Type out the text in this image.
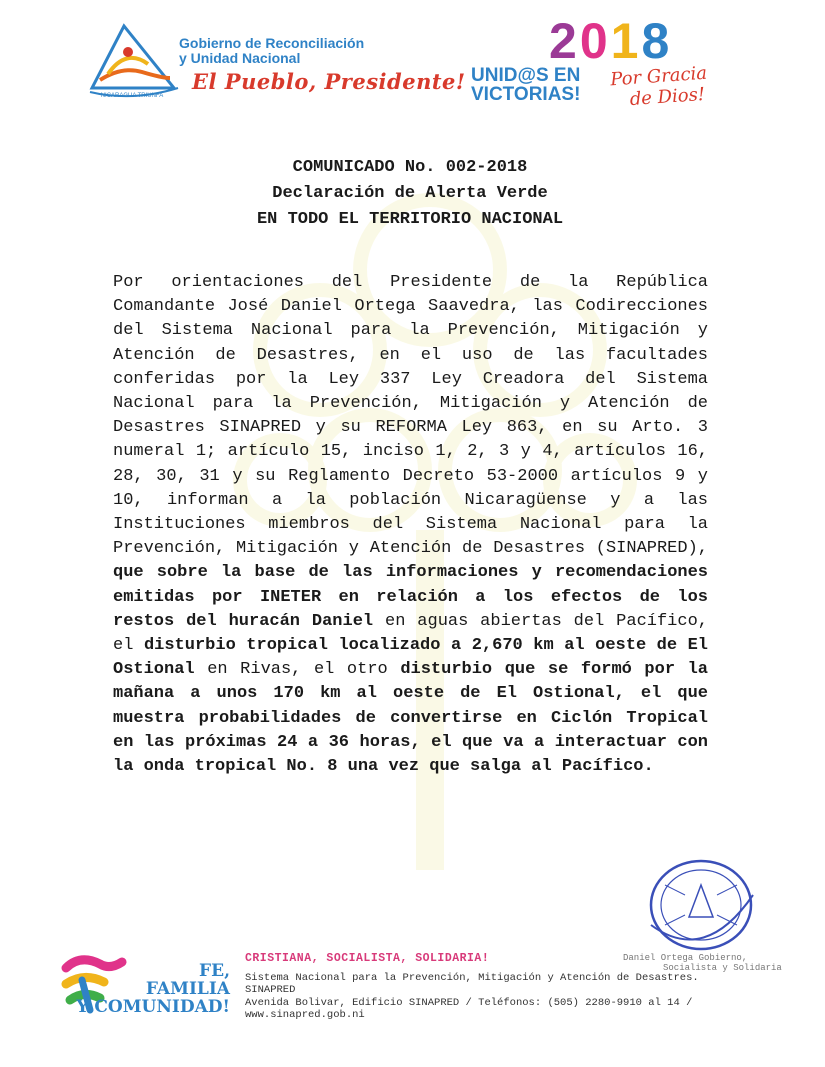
NICARAGUA TRIUNFA
Gobierno de Reconciliación
y Unidad Nacional
El Pueblo, Presidente!
2018
UNID@S EN
VICTORIAS!
Por Gracia
de Dios!
COMUNICADO No. 002-2018
Declaración de Alerta Verde
EN TODO EL TERRITORIO NACIONAL

Por orientaciones del Presidente de la República Comandante José Daniel Ortega Saavedra, las Codirecciones del Sistema Nacional para la Prevención, Mitigación y Atención de Desastres, en el uso de las facultades conferidas por la Ley 337 Ley Creadora del Sistema Nacional para la Prevención, Mitigación y Atención de Desastres SINAPRED y su REFORMA Ley 863, en su Arto. 3 numeral 1; artículo 15, inciso 1, 2, 3 y 4, artículos 16, 28, 30, 31 y su Reglamento Decreto 53-2000 artículos 9 y 10, informan a la población Nicaragüense y a las Instituciones miembros del Sistema Nacional para la Prevención, Mitigación y Atención de Desastres (SINAPRED), que sobre la base de las informaciones y recomendaciones emitidas por INETER en relación a los efectos de los restos del huracán Daniel en aguas abiertas del Pacífico, el disturbio tropical localizado a 2,670 km al oeste de El Ostional en Rivas, el otro disturbio que se formó por la mañana a unos 170 km al oeste de El Ostional, el que muestra probabilidades de convertirse en Ciclón Tropical en las próximas 24 a 36 horas, el que va a interactuar con la onda tropical No. 8 una vez que salga al Pacífico.

Daniel Ortega Gobierno,
Socialista y Solidaria
FE,
FAMILIA
Y COMUNIDAD!
CRISTIANA, SOCIALISTA, SOLIDARIA!
Sistema Nacional para la Prevención, Mitigación y Atención de Desastres.
SINAPRED
Avenida Bolivar, Edificio SINAPRED / Teléfonos: (505) 2280-9910 al 14 /
www.sinapred.gob.ni
